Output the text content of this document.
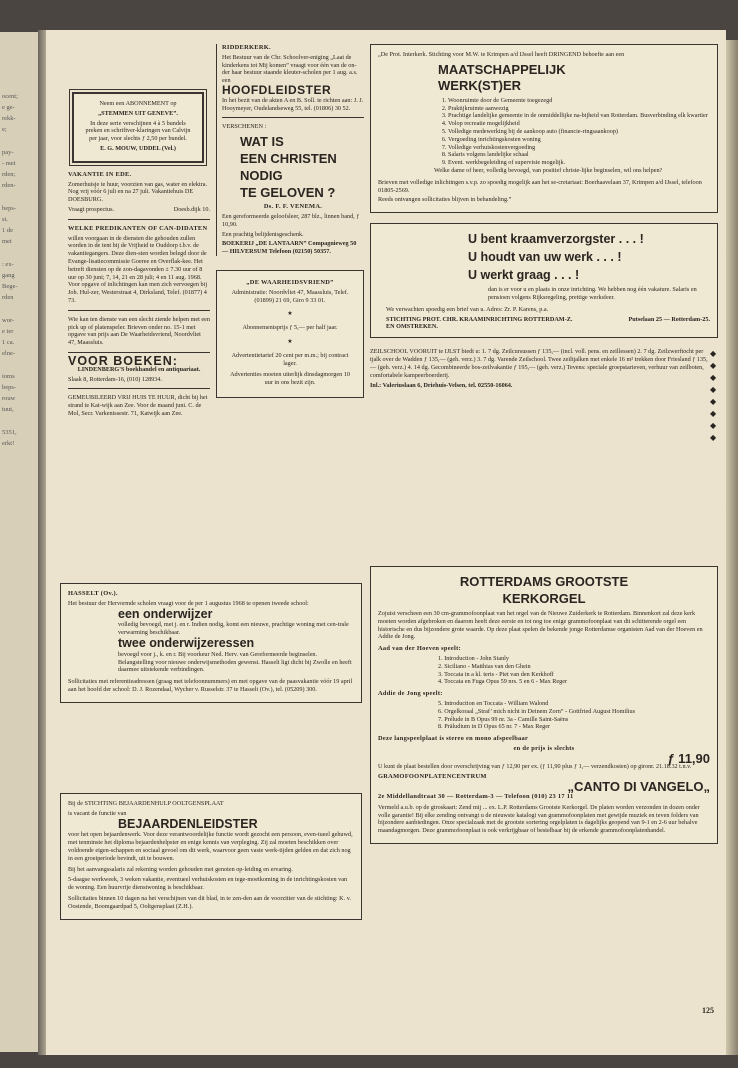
ocent;
e ge-
rekk-
e;
pay-
- met
rden;
rden-
beps-
st.
1 de
met
: ex-
gang
Bege-
rden
wor-
e ter
1 ca.
elne-
ioms
beps-
rouw
tuut,
5351,
erkt!

Neem een ABONNEMENT op

„STEMMEN UIT GENEVE”.

In deze serie verschijnen 4 à 5 bundels preken en schriftver-klaringen van Calvijn per jaar, voor slechts ƒ 2,50 per bundel.

E. G. MOUW, UDDEL (Vel.)

VAKANTIE IN EDE.

Zomerhuisje te huur, voorzien van gas, water en elektra. Nog vrij vóór 6 juli en na 27 juli. Vakantiehuis DE DOESBURG.

Vraagt prospectus.	Doesb.dijk 10.

WELKE PREDIKANTEN OF CAN-DIDATEN

willen voorgaan in de diensten die gehouden zullen worden in de tent bij de Vrijheid te Ouddorp t.b.v. de vakantiegangers. Deze dien-sten worden belegd door de Evange-lisatiecommissie Goeree en Overflak-kee. Het betreft diensten op de zon-dagavonden ± 7.30 uur of 8 uur op 30 juni; 7, 14, 21 en 28 juli; 4 en 11 aug. 1968. Voor opgave of inlichtingen kan men zich vervoegen bij Joh. Hul-zer, Westerstraat 4, Dirksland, Telef. (01877) 4 73.

Wie kan ten dienste van een slecht ziende helpen met een pick up of platenspeler. Brieven onder no. 15-1 met opgave van prijs aan De Waarheidsvriend, Noordvliet 47, Maassluis.

VOOR BOEKEN:

LINDENBERG'S boekhandel en antiquariaat.

Slaak 8, Rotterdam-16, (010) 128934.

GEMEUBILEERD VRIJ HUIS TE HUUR, dicht bij het strand te Kat-wijk aan Zee. Voor de maand juni. C. de Mol, Secr. Varkenissestr. 71, Katwijk aan Zee.

RIDDERKERK.

Het Bestuur van de Chr. Schoolver-eniging „Laat de kinderkens tot Mij komen” vraagt voor één van de on-der haar bestuur staande kleuter-scholen per 1 aug. a.s. een

HOOFDLEIDSTER

In het bezit van de akten A en B. Soll. te richten aan: J. J. Hooymeyer, Oudelandseweg 55, tel. (01806) 30 52.

VERSCHENEN :

WAT IS
EEN CHRISTEN
NODIG
TE GELOVEN ?

Ds. F. F. VENEMA.

Een gereformeerde geloofsleer, 287 blz., linnen band, ƒ 10,90.

Een prachtig belijdenisgeschenk.

BOEKERIJ „DE LANTAARN” Compagnieweg 50 — HILVERSUM Telefoon (02150) 50357.

„DE WAARHEIDSVRIEND”

Administratie: Noordvliet 47, Maassluis, Telef. (01899) 21 69, Giro 9 33 01.

★

Abonnementsprijs ƒ 5,— per half jaar.

★

Advertentietarief 20 cent per m.m.; bij contract lager.

Advertenties moeten uiterlijk dinsdagmorgen 10 uur in ons bezit zijn.

„De Prot. Interkerk. Stichting voor M.W. te Krimpen a/d IJssel heeft DRINGEND behoefte aan een

MAATSCHAPPELIJK WERK(ST)ER
1. Woonruimte door de Gemeente toegezegd
2. Praktijkruimte aanwezig
3. Prachtige landelijke gemeente in de onmiddellijke na-bijheid van Rotterdam. Busverbinding elk kwartier
4. Volop recreatie mogelijkheid
5. Volledige medewerking bij de aankoop auto (financie-ringsaankoop)
6. Vergoeding inrichtingskosten woning
7. Volledige verhuiskostenvergoeding
8. Salaris volgens landelijke schaal
9. Event. werkbegeleiding of supervisie mogelijk.

Welke dame of heer, volledig bevoegd, van positief christe-lijke beginselen, wil ons helpen?

Brieven met volledige inlichtingen s.v.p. zo spoedig mogelijk aan het se-cretariaat: Boerhaavelaan 37, Krimpen a/d IJssel, telefoon 01805-2569.

Reeds ontvangen sollicitaties blijven in behandeling.”

U bent kraamverzorgster . . . !
U houdt van uw werk . . . !
U werkt graag . . . !

dan is er voor u en plaats in onze inrichting. We hebben nog één vakature. Salaris en pensioen volgens Rijksregeling, prettige werksfeer.

We verwachten spoedig een brief van u. Adres: Zr. P. Karens, p.a.

STICHTING PROT. CHR. KRAAMINRICHTING ROTTERDAM-Z. EN OMSTREKEN.
Putselaan 25 — Rotterdam-25.

ZEILSCHOOL VOORUIT te IJLST biedt u: 1. 7 dg. Zeilcursussen ƒ 135,— (incl. voll. pens. en zeillessen) 2. 7 dg. Zeilzwerftocht per tjalk over de Wadden ƒ 135,— (geh. verz.) 3. 7 dg. Varende Zeilschool. Twee zeiltjalken met enkele 16 m² trekken door Friesland ƒ 135,— (geh. verz.) 4. 14 dg. Gecombineerde bos-zeilvakantie ƒ 195,— (geh. verz.) Tevens: speciale groepstarieven, verhuur van zeilboten, comfortabele kampeerboerderij.

Inl.: Valeriuslaan 6, Driehuis-Velsen, tel. 02550-16064.

◆
◆
◆
◆
◆
◆
◆
◆

HASSELT (Ov.).

Het bestuur der Hervormde scholen vraagt voor de per 1 augustus 1968 te openen tweede school:

een onderwijzer

volledig bevoegd, met j. en r. Indien nodig, komt een nieuwe, prachtige woning met cen-trale verwarming beschikbaar.

twee onderwijzeressen

bevoegd voor j., k. en r. Bij voorkeur Ned. Herv. van Gereformeerde beginselen. Belangstelling voor nieuwe onderwijsmethoden gewenst. Hasselt ligt dicht bij Zwolle en heeft daarmee uitstekende verbindingen.

Sollicitaties met referentieadressen (graag met telefoonnummers) en met opgave van de paasvakantie vóór 19 april aan het hoofd der school: D. J. Rozendaal, Wycher v. Russelstr. 37 te Hasselt (Ov.), tel. (05209) 300.

Bij de STICHTING BEJAARDENHULP OOLTGENSPLAAT

is vacant de functie van

BEJAARDENLEIDSTER

voor het open bejaardenwerk. Voor deze verantwoordelijke functie wordt gezocht een persoon, even-tueel gehuwd, met tenminste het diploma bejaardenhelpster en enige kennis van verpleging. Zij zal moeten beschikken over voldoende eigen-schappen en sociaal gevoel om dit werk, waarvoor geen vaste werk-tijden gelden en dat zich nog in een groeiperiode bevindt, uit te bouwen.

Bij het aanvangssalaris zal rekening worden gehouden met genoten op-leiding en ervaring.

5-daagse werkweek, 3 weken vakantie, eventueel verhuiskosten en tege-moetkoming in de inrichtingskosten van de woning. Een huurvrije dienstwoning is beschikbaar.

Sollicitaties binnen 10 dagen na het verschijnen van dit blad, in te zen-den aan de voorzitter van de stichting: K. v. Oostende, Boomgaardpad 5, Ooltgensplaat (Z.H.).

ROTTERDAMS GROOTSTE
KERKORGEL

Zojuist verscheen een 30 cm-grammofoonplaat van het orgel van de Nieuwe Zuiderkerk te Rotterdam. Binnenkort zal deze kerk moeten worden afgebroken en daarom heeft deze eerste en tot nog toe enige grammofoonplaat van dit schitterende orgel een historische en dus bijzondere grote waarde. Op deze plaat spelen de bekende jonge Rotterdamse organisten Aad van der Hoeven en Addie de Jong.

Aad van der Hoeven speelt:

1. Introduction - John Stanly
2. Siciliano - Matthias van den Ghein
3. Toccata in a kl. terts - Piet van den Kerkhoff
4. Toccata en Fuga Opus 59 nrs. 5 en 6 - Max Reger

Addie de Jong speelt:

5. Introduction en Toccata - William Walond
6. Orgelkoraal „Straf’ mich nicht in Deinem Zorn” - Gottfried August Homilius
7. Prélude in B Opus 99 nr. 3a - Camille Saint-Saëns
8. Präludium in D Opus 65 nr. 7 - Max Reger

Deze langspeelplaat is stereo en mono afspeelbaar

en de prijs is slechts

ƒ 11,90

U kunt de plaat bestellen door overschrijving van ƒ 12,90 per ex. (ƒ 11,90 plus ƒ 1,— verzendkosten) op gironr. 21.18.32 t.n.v.

GRAMOFOONPLATENCENTRUM

„CANTO DI VANGELO„

2e Middellandtraat 30 — Rotterdam-3 — Telefoon (010) 23 17 11

Vermeld a.u.b. op de giroskaart: Zend mij ... ex. L.P. Rotterdams Grootste Kerkorgel. De platen worden verzonden in dozen onder volle garantie! Bij elke zending ontvangt u de nieuwste katalogi van grammofoonplaten met gewijde muziek en teven folders van bijzondere aanbiedingen. Onze specialzaak met de grootste sortering orgelplaten is dagelijks geopend van 9-1 en 2-6 uur behalve maandagmorgen. Deze grammofoonplaat is ook verkrijgbaar of bestelbaar bij de erkende grammofoonplatenhandel.

125
